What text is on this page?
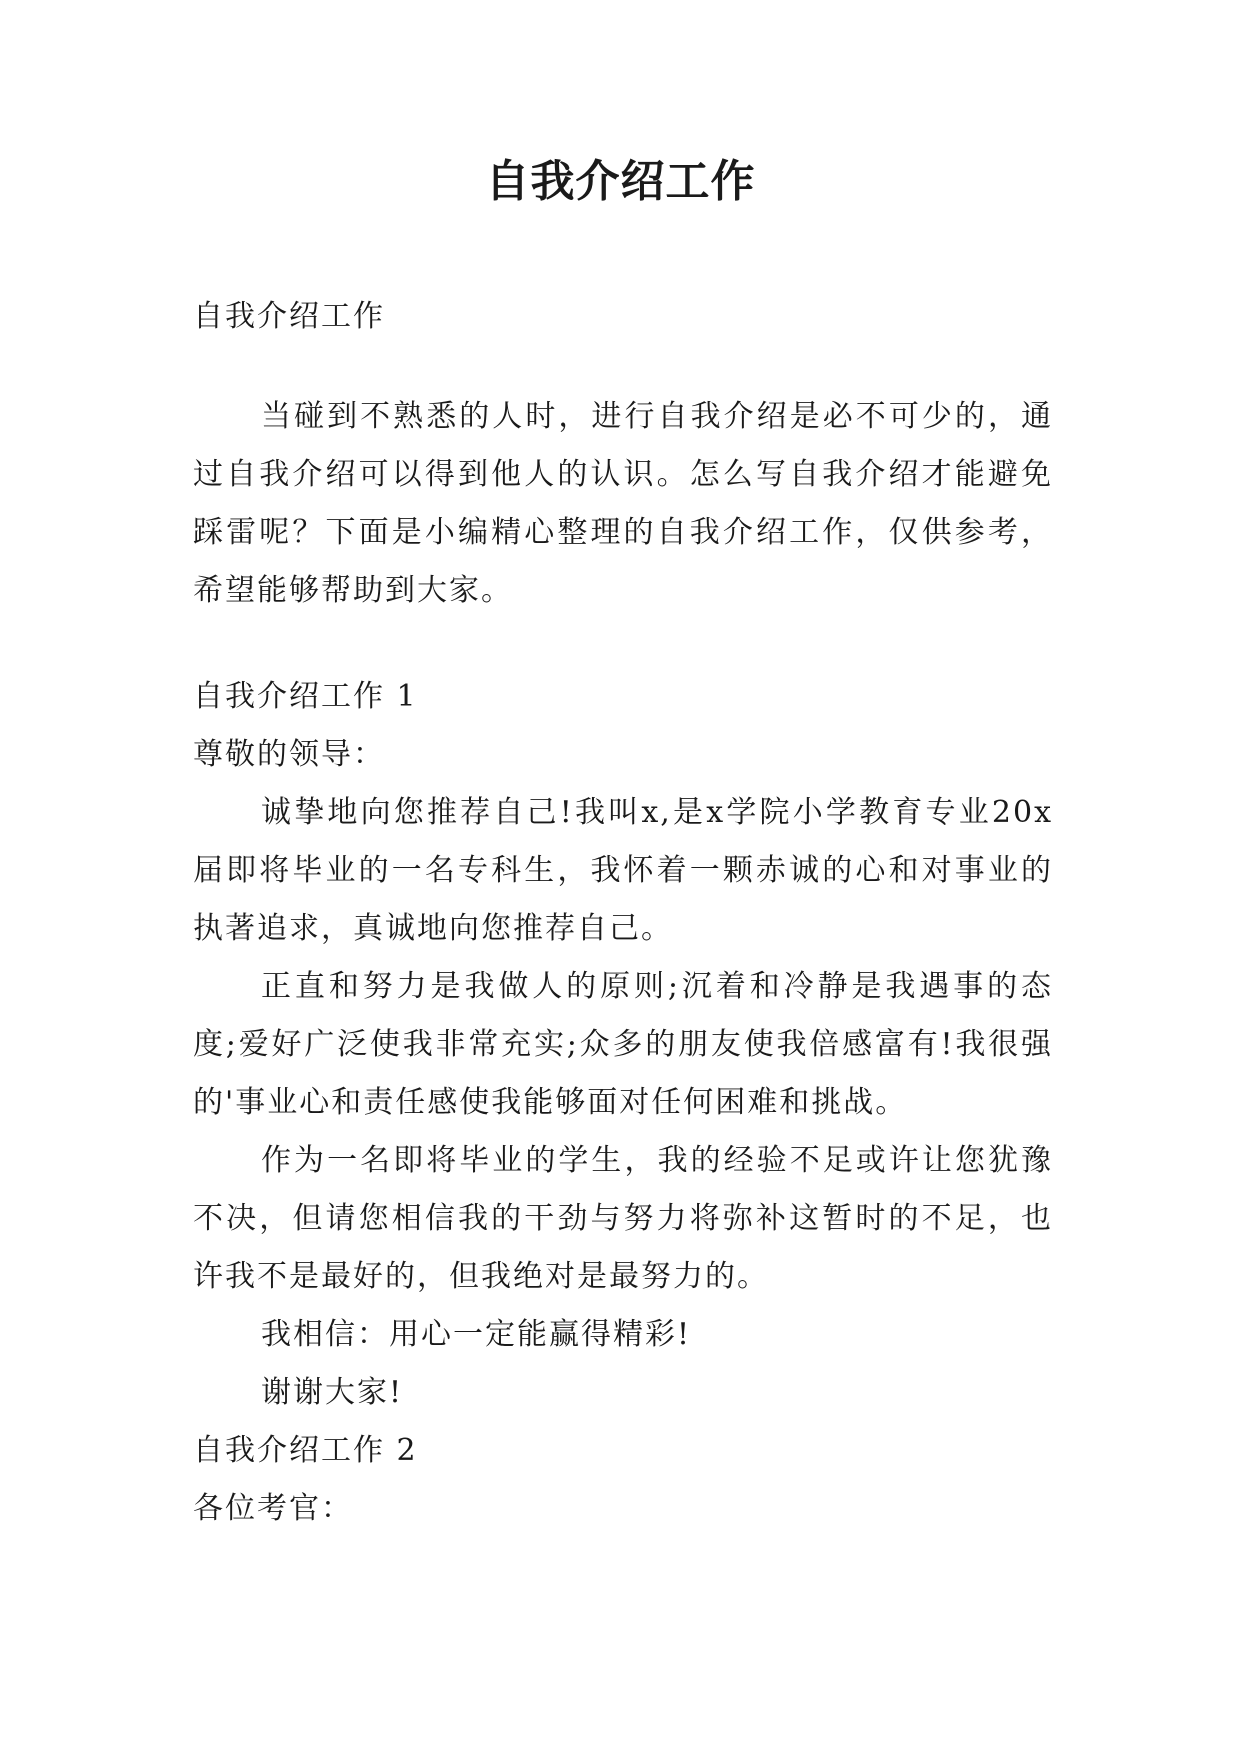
自我介绍工作

自我介绍工作

当碰到不熟悉的人时，进行自我介绍是必不可少的，通过自我介绍可以得到他人的认识。怎么写自我介绍才能避免踩雷呢？下面是小编精心整理的自我介绍工作，仅供参考，希望能够帮助到大家。

自我介绍工作 1

尊敬的领导：

诚挚地向您推荐自己!我叫x,是x学院小学教育专业20x届即将毕业的一名专科生，我怀着一颗赤诚的心和对事业的执著追求，真诚地向您推荐自己。

正直和努力是我做人的原则;沉着和冷静是我遇事的态度;爱好广泛使我非常充实;众多的朋友使我倍感富有!我很强的'事业心和责任感使我能够面对任何困难和挑战。

作为一名即将毕业的学生，我的经验不足或许让您犹豫不决，但请您相信我的干劲与努力将弥补这暂时的不足，也许我不是最好的，但我绝对是最努力的。

我相信：用心一定能赢得精彩!

谢谢大家!

自我介绍工作 2

各位考官：
